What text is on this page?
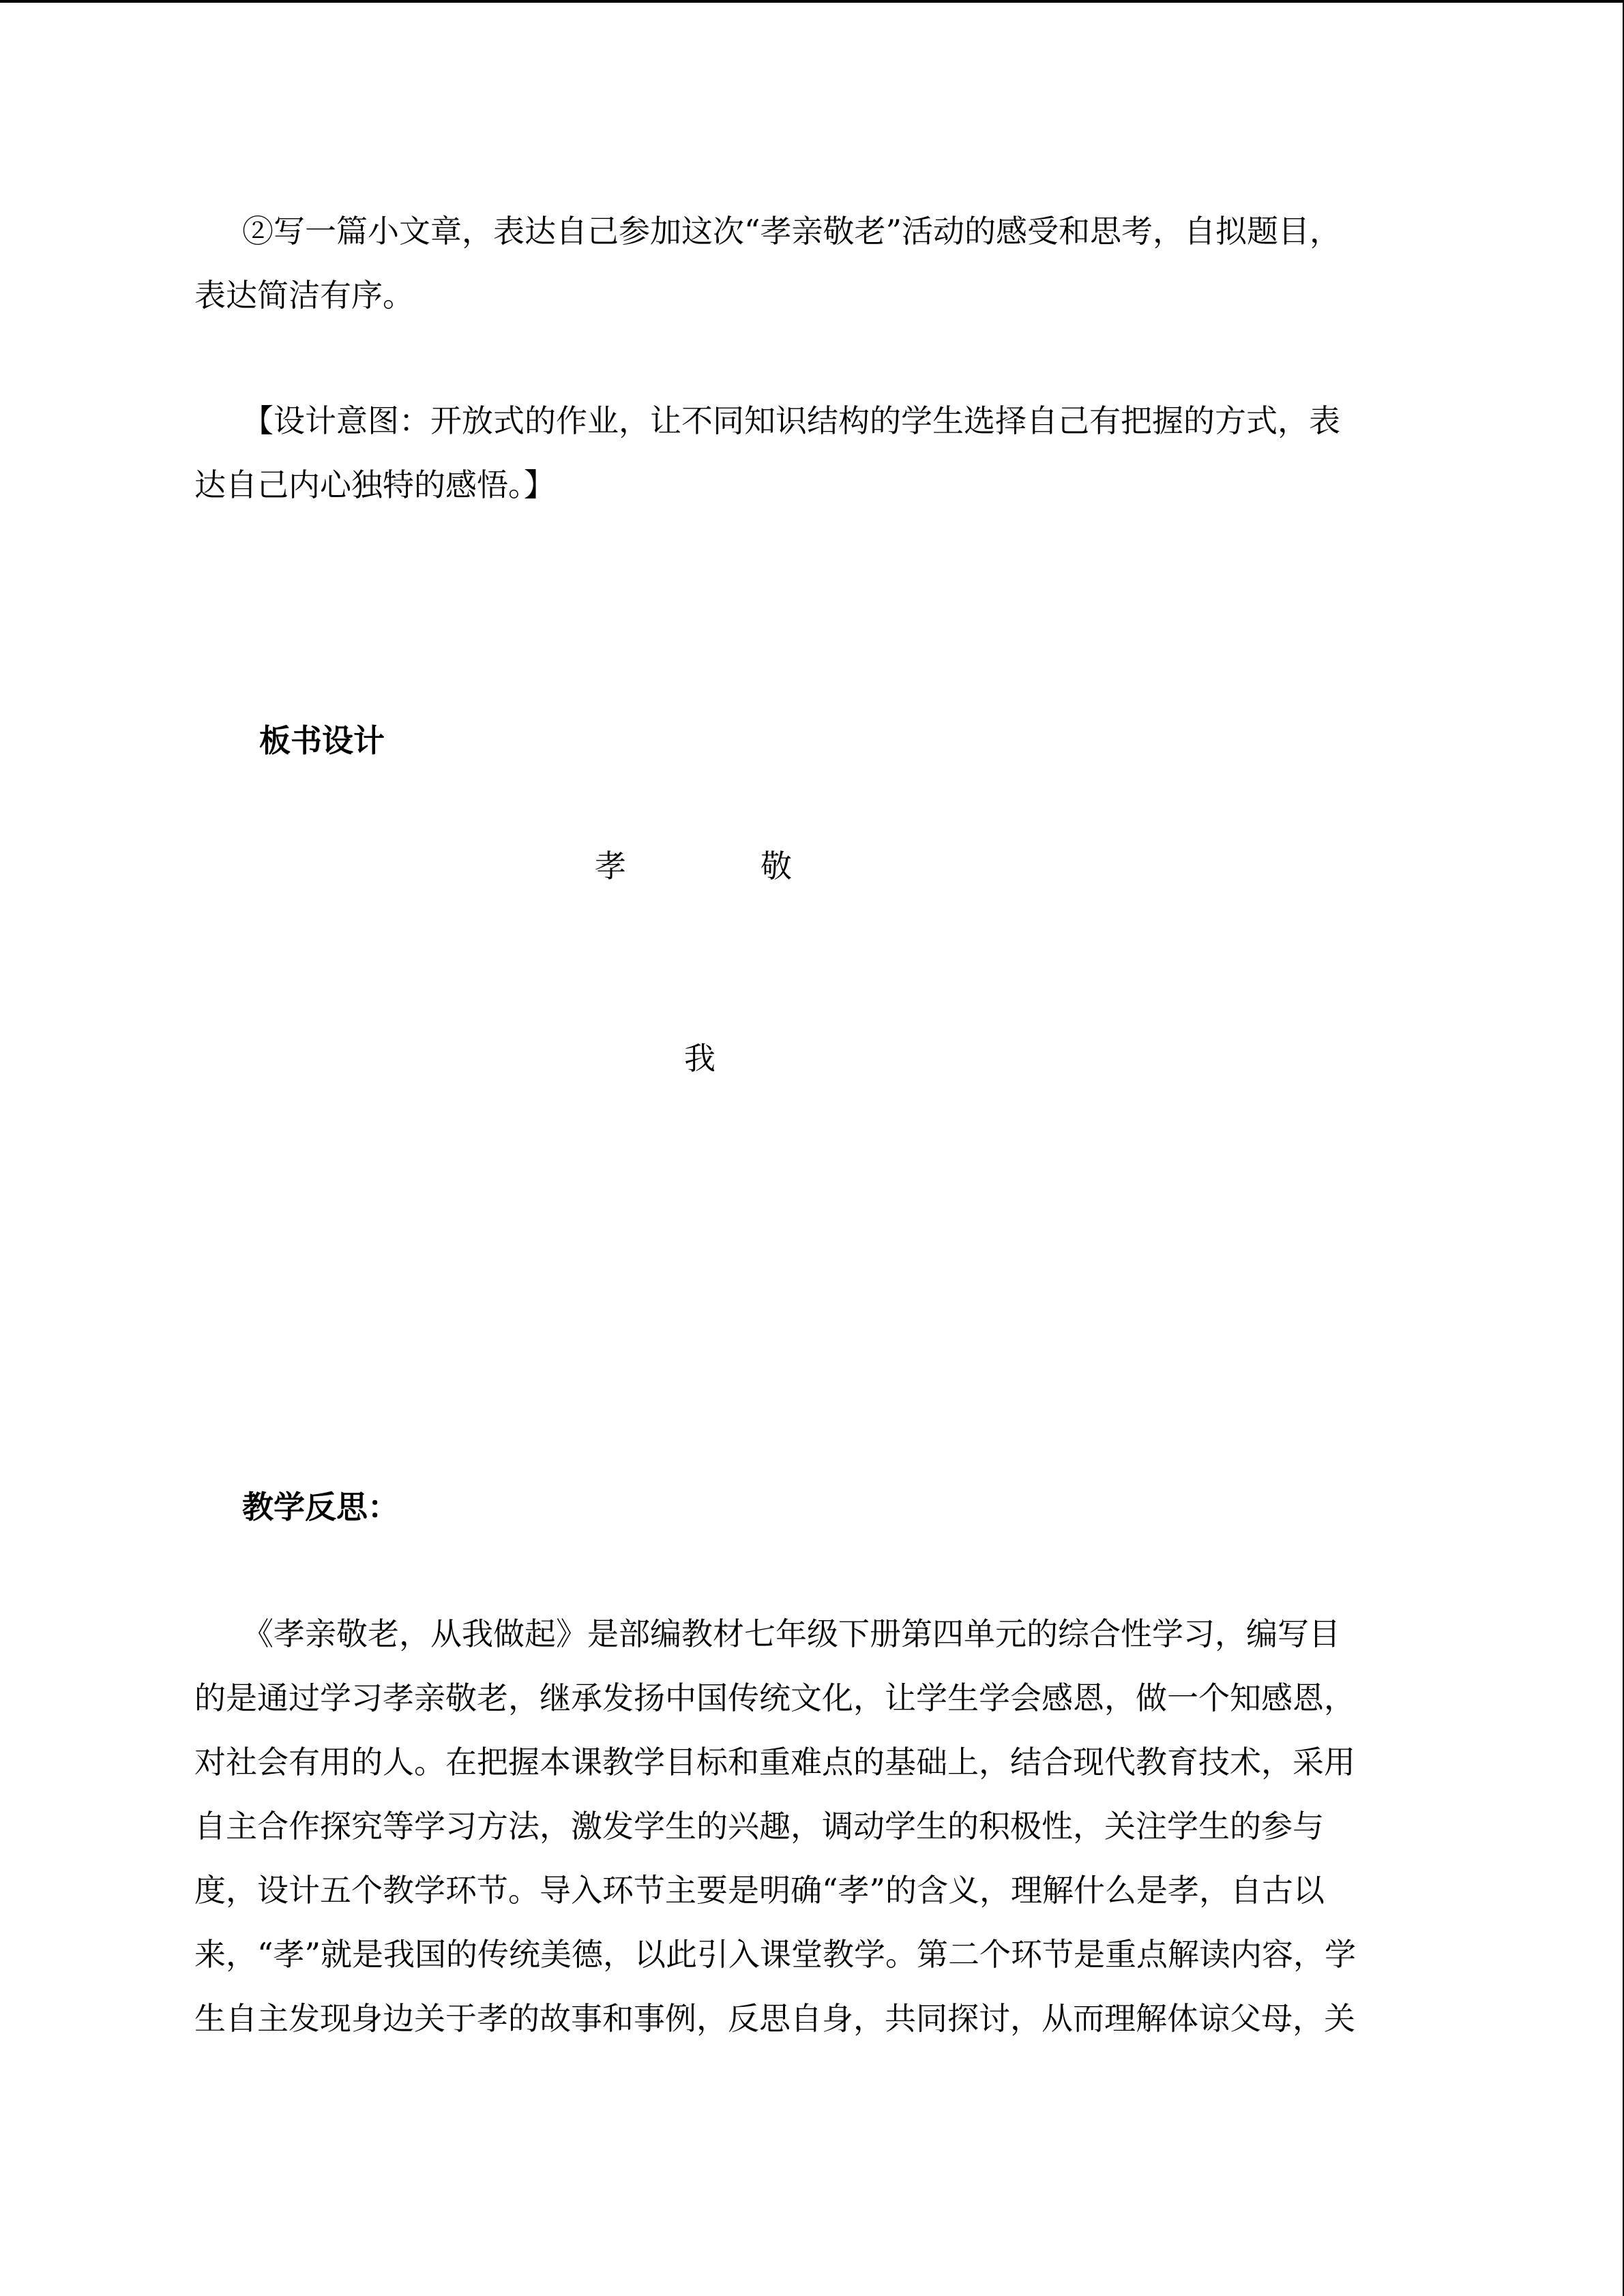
②写一篇小文章，表达自己参加这次“孝亲敬老”活动的感受和思考，自拟题目，
表达简洁有序。
【设计意图：开放式的作业，让不同知识结构的学生选择自己有把握的方式，表
达自己内心独特的感悟。】
板书设计
孝	敬
我
教学反思：
《孝亲敬老，从我做起》是部编教材七年级下册第四单元的综合性学习，编写目
的是通过学习孝亲敬老，继承发扬中国传统文化，让学生学会感恩，做一个知感恩，
对社会有用的人。在把握本课教学目标和重难点的基础上，结合现代教育技术，采用
自主合作探究等学习方法，激发学生的兴趣，调动学生的积极性，关注学生的参与
度，设计五个教学环节。导入环节主要是明确“孝”的含义，理解什么是孝，自古以
来，“孝”就是我国的传统美德，以此引入课堂教学。第二个环节是重点解读内容，学
生自主发现身边关于孝的故事和事例，反思自身，共同探讨，从而理解体谅父母，关
